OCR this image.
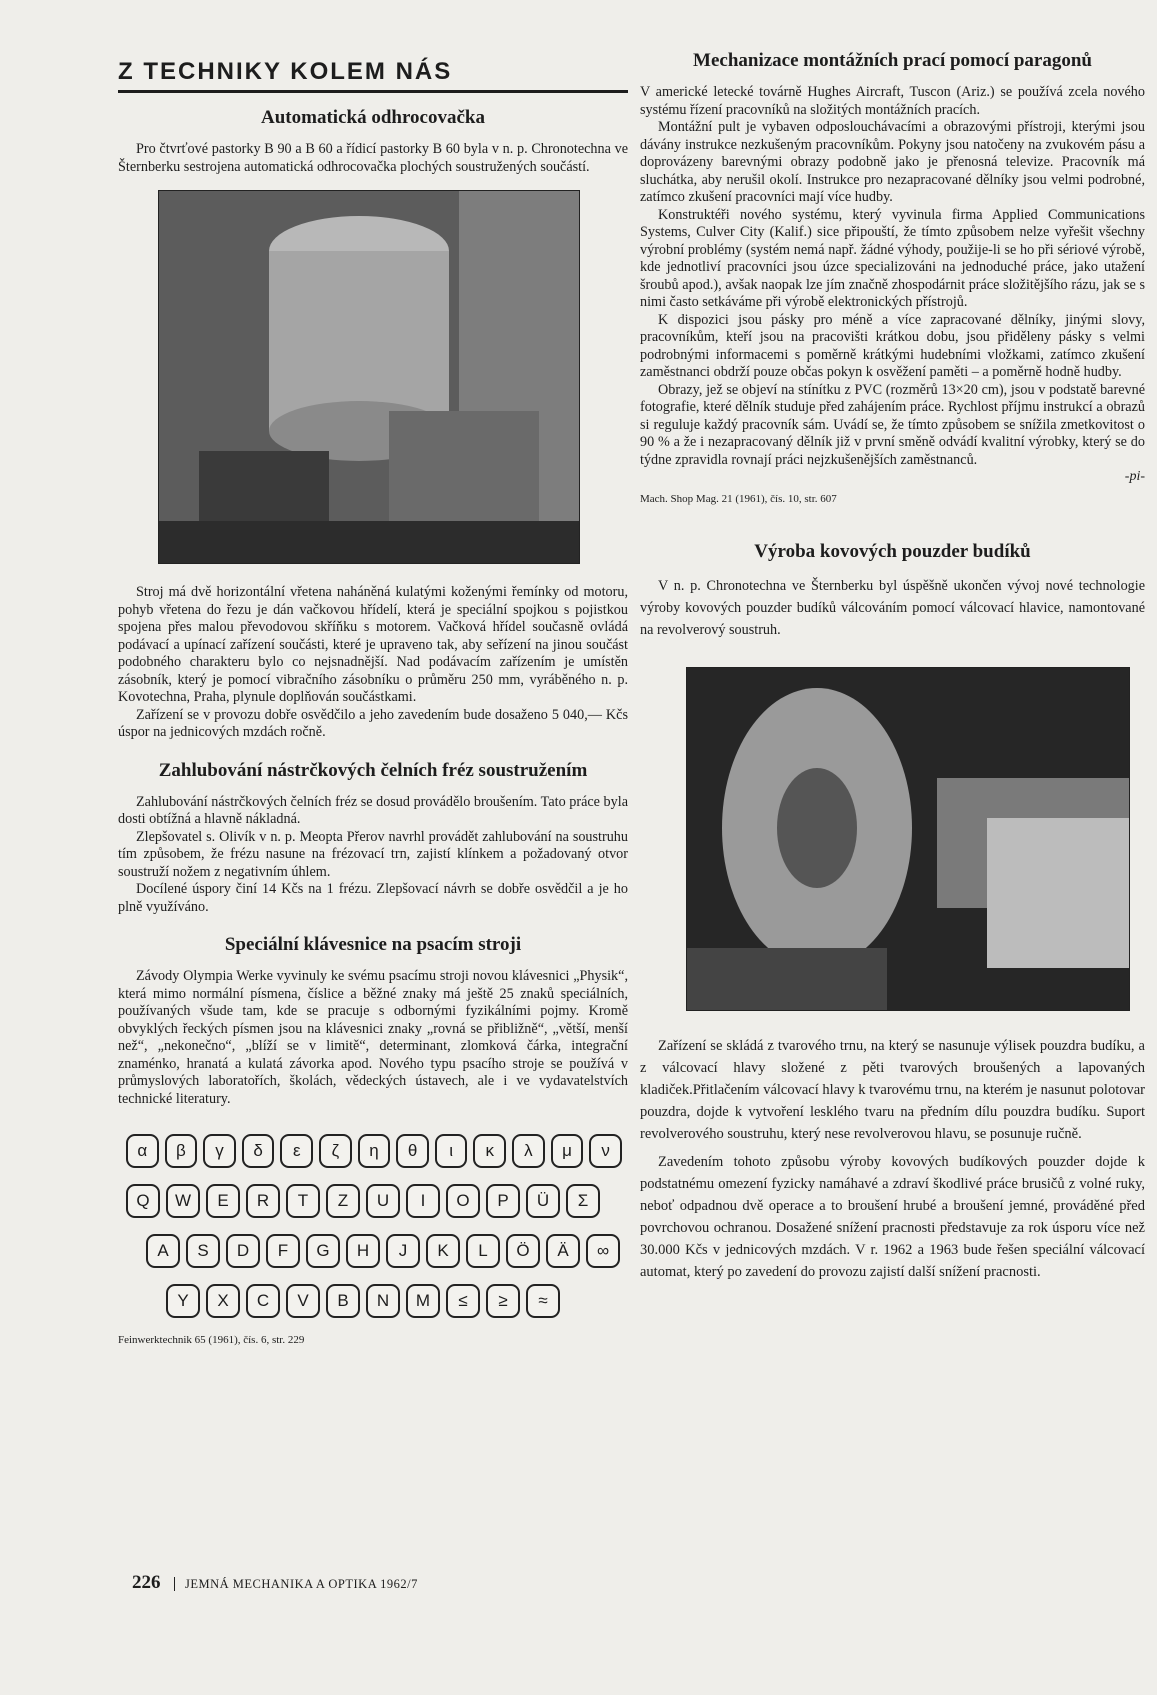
Z TECHNIKY KOLEM NÁS
Automatická odhrocovačka

Pro čtvrťové pastorky B 90 a B 60 a řídicí pastorky B 60 byla v n. p. Chronotechna ve Šternberku sestrojena automatická odhrocovačka plochých soustružených součástí.

Stroj má dvě horizontální vřetena naháněná kulatými koženými řemínky od motoru, pohyb vřetena do řezu je dán vačkovou hřídelí, která je speciální spojkou s pojistkou spojena přes malou převodovou skříňku s motorem. Vačková hřídel současně ovládá podávací a upínací zařízení součásti, které je upraveno tak, aby seřízení na jinou součást podobného charakteru bylo co nejsnadnější. Nad podávacím zařízením je umístěn zásobník, který je pomocí vibračního zásobníku o průměru 250 mm, vyráběného n. p. Kovotechna, Praha, plynule doplňován součástkami.

Zařízení se v provozu dobře osvědčilo a jeho zavedením bude dosaženo 5 040,— Kčs úspor na jednicových mzdách ročně.

Zahlubování nástrčkových čelních fréz soustružením

Zahlubování nástrčkových čelních fréz se dosud provádělo broušením. Tato práce byla dosti obtížná a hlavně nákladná.

Zlepšovatel s. Olivík v n. p. Meopta Přerov navrhl provádět zahlubování na soustruhu tím způsobem, že frézu nasune na frézovací trn, zajistí klínkem a požadovaný otvor soustruží nožem z negativním úhlem.

Docílené úspory činí 14 Kčs na 1 frézu. Zlepšovací návrh se dobře osvědčil a je ho plně využíváno.

Speciální klávesnice na psacím stroji

Závody Olympia Werke vyvinuly ke svému psacímu stroji novou klávesnici „Physik“, která mimo normální písmena, číslice a běžné znaky má ještě 25 znaků speciálních, používaných všude tam, kde se pracuje s odbornými fyzikálními pojmy. Kromě obvyklých řeckých písmen jsou na klávesnici znaky „rovná se přibližně“, „větší, menší než“, „nekonečno“, „blíží se v limitě“, determinant, zlomková čárka, integrační znaménko, hranatá a kulatá závorka apod. Nového typu psacího stroje se používá v průmyslových laboratořích, školách, vědeckých ústavech, ale i ve vydavatelstvích technické literatury.

α	β	γ	δ	ε	ζ	η	θ	ι	κ	λ	μ	ν
Q	W	E	R	T	Z	U	I	O	P	Ü	Σ
A	S	D	F	G	H	J	K	L	Ö	Ä	∞
Y	X	C	V	B	N	M	≤	≥	≈
Feinwerktechnik 65 (1961), čís. 6, str. 229
Mechanizace montážních prací pomocí paragonů

V americké letecké továrně Hughes Aircraft, Tuscon (Ariz.) se používá zcela nového systému řízení pracovníků na složitých montážních pracích.

Montážní pult je vybaven odposlouchávacími a obrazovými přístroji, kterými jsou dávány instrukce nezkušeným pracovníkům. Pokyny jsou natočeny na zvukovém pásu a doprovázeny barevnými obrazy podobně jako je přenosná televize. Pracovník má sluchátka, aby nerušil okolí. Instrukce pro nezapracované dělníky jsou velmi podrobné, zatímco zkušení pracovníci mají více hudby.

Konstruktéři nového systému, který vyvinula firma Applied Communications Systems, Culver City (Kalif.) sice připouští, že tímto způsobem nelze vyřešit všechny výrobní problémy (systém nemá např. žádné výhody, použije-li se ho při sériové výrobě, kde jednotliví pracovníci jsou úzce specializováni na jednoduché práce, jako utažení šroubů apod.), avšak naopak lze jím značně zhospodárnit práce složitějšího rázu, jak se s nimi často setkáváme při výrobě elektronických přístrojů.

K dispozici jsou pásky pro méně a více zapracované dělníky, jinými slovy, pracovníkům, kteří jsou na pracovišti krátkou dobu, jsou přiděleny pásky s velmi podrobnými informacemi s poměrně krátkými hudebními vložkami, zatímco zkušení zaměstnanci obdrží pouze občas pokyn k osvěžení paměti – a poměrně hodně hudby.

Obrazy, jež se objeví na stínítku z PVC (rozměrů 13×20 cm), jsou v podstatě barevné fotografie, které dělník studuje před zahájením práce. Rychlost příjmu instrukcí a obrazů si reguluje každý pracovník sám. Uvádí se, že tímto způsobem se snížila zmetkovitost o 90 % a že i nezapracovaný dělník již v první směně odvádí kvalitní výrobky, který se do týdne zpravidla rovnají práci nejzkušenějších zaměstnanců.

-pi-
Mach. Shop Mag. 21 (1961), čís. 10, str. 607
Výroba kovových pouzder budíků

V n. p. Chronotechna ve Šternberku byl úspěšně ukončen vývoj nové technologie výroby kovových pouzder budíků válcováním pomocí válcovací hlavice, namontované na revolverový soustruh.

Zařízení se skládá z tvarového trnu, na který se nasunuje výlisek pouzdra budíku, a z válcovací hlavy složené z pěti tvarových broušených a lapovaných kladiček.Přitlačením válcovací hlavy k tvarovému trnu, na kterém je nasunut polotovar pouzdra, dojde k vytvoření lesklého tvaru na předním dílu pouzdra budíku. Suport revolverového soustruhu, který nese revolverovou hlavu, se posunuje ručně.

Zavedením tohoto způsobu výroby kovových budíkových pouzder dojde k podstatnému omezení fyzicky namáhavé a zdraví škodlivé práce brusičů z volné ruky, neboť odpadnou dvě operace a to broušení hrubé a broušení jemné, prováděné před povrchovou ochranou. Dosažené snížení pracnosti představuje za rok úsporu více než 30.000 Kčs v jednicových mzdách. V r. 1962 a 1963 bude řešen speciální válcovací automat, který po zavedení do provozu zajistí další snížení pracnosti.

226 JEMNÁ MECHANIKA A OPTIKA 1962/7
